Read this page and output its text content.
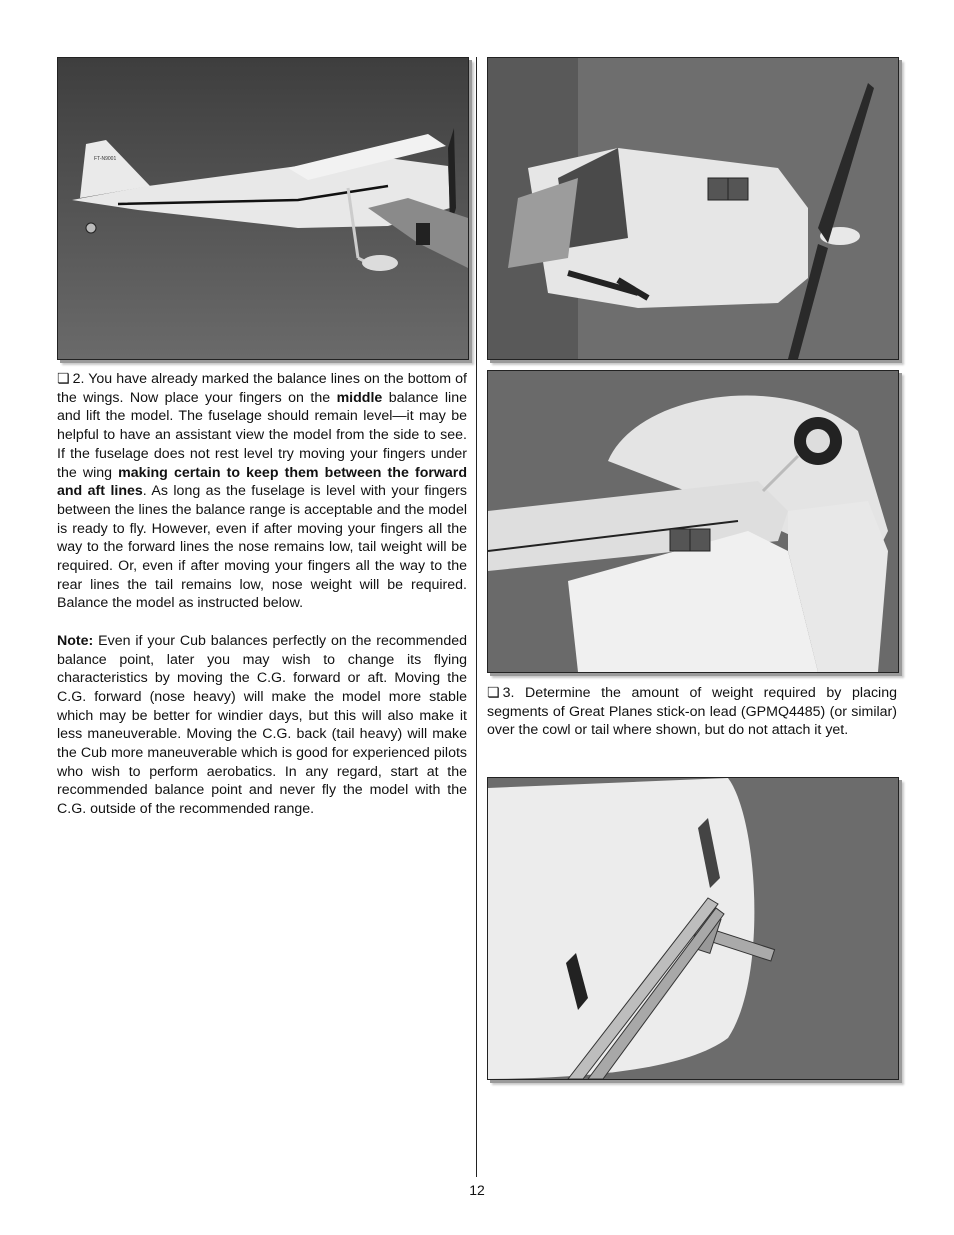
FT-N9001

❏ 2. You have already marked the balance lines on the bottom of the wings. Now place your fingers on the middle balance line and lift the model. The fuselage should remain level—it may be helpful to have an assistant view the model from the side to see. If the fuselage does not rest level try moving your fingers under the wing making certain to keep them between the forward and aft lines. As long as the fuselage is level with your fingers between the lines the balance range is acceptable and the model is ready to fly. However, even if after moving your fingers all the way to the forward lines the nose remains low, tail weight will be required. Or, even if after moving your fingers all the way to the rear lines the tail remains low, nose weight will be required. Balance the model as instructed below.

Note: Even if your Cub balances perfectly on the recommended balance point, later you may wish to change its flying characteristics by moving the C.G. forward or aft. Moving the C.G. forward (nose heavy) will make the model more stable which may be better for windier days, but this will also make it less maneuverable. Moving the C.G. back (tail heavy) will make the Cub more maneuverable which is good for experienced pilots who wish to perform aerobatics. In any regard, start at the recommended balance point and never fly the model with the C.G. outside of the recommended range.

❏ 3. Determine the amount of weight required by placing segments of Great Planes stick-on lead (GPMQ4485) (or similar) over the cowl or tail where shown, but do not attach it yet.

12
